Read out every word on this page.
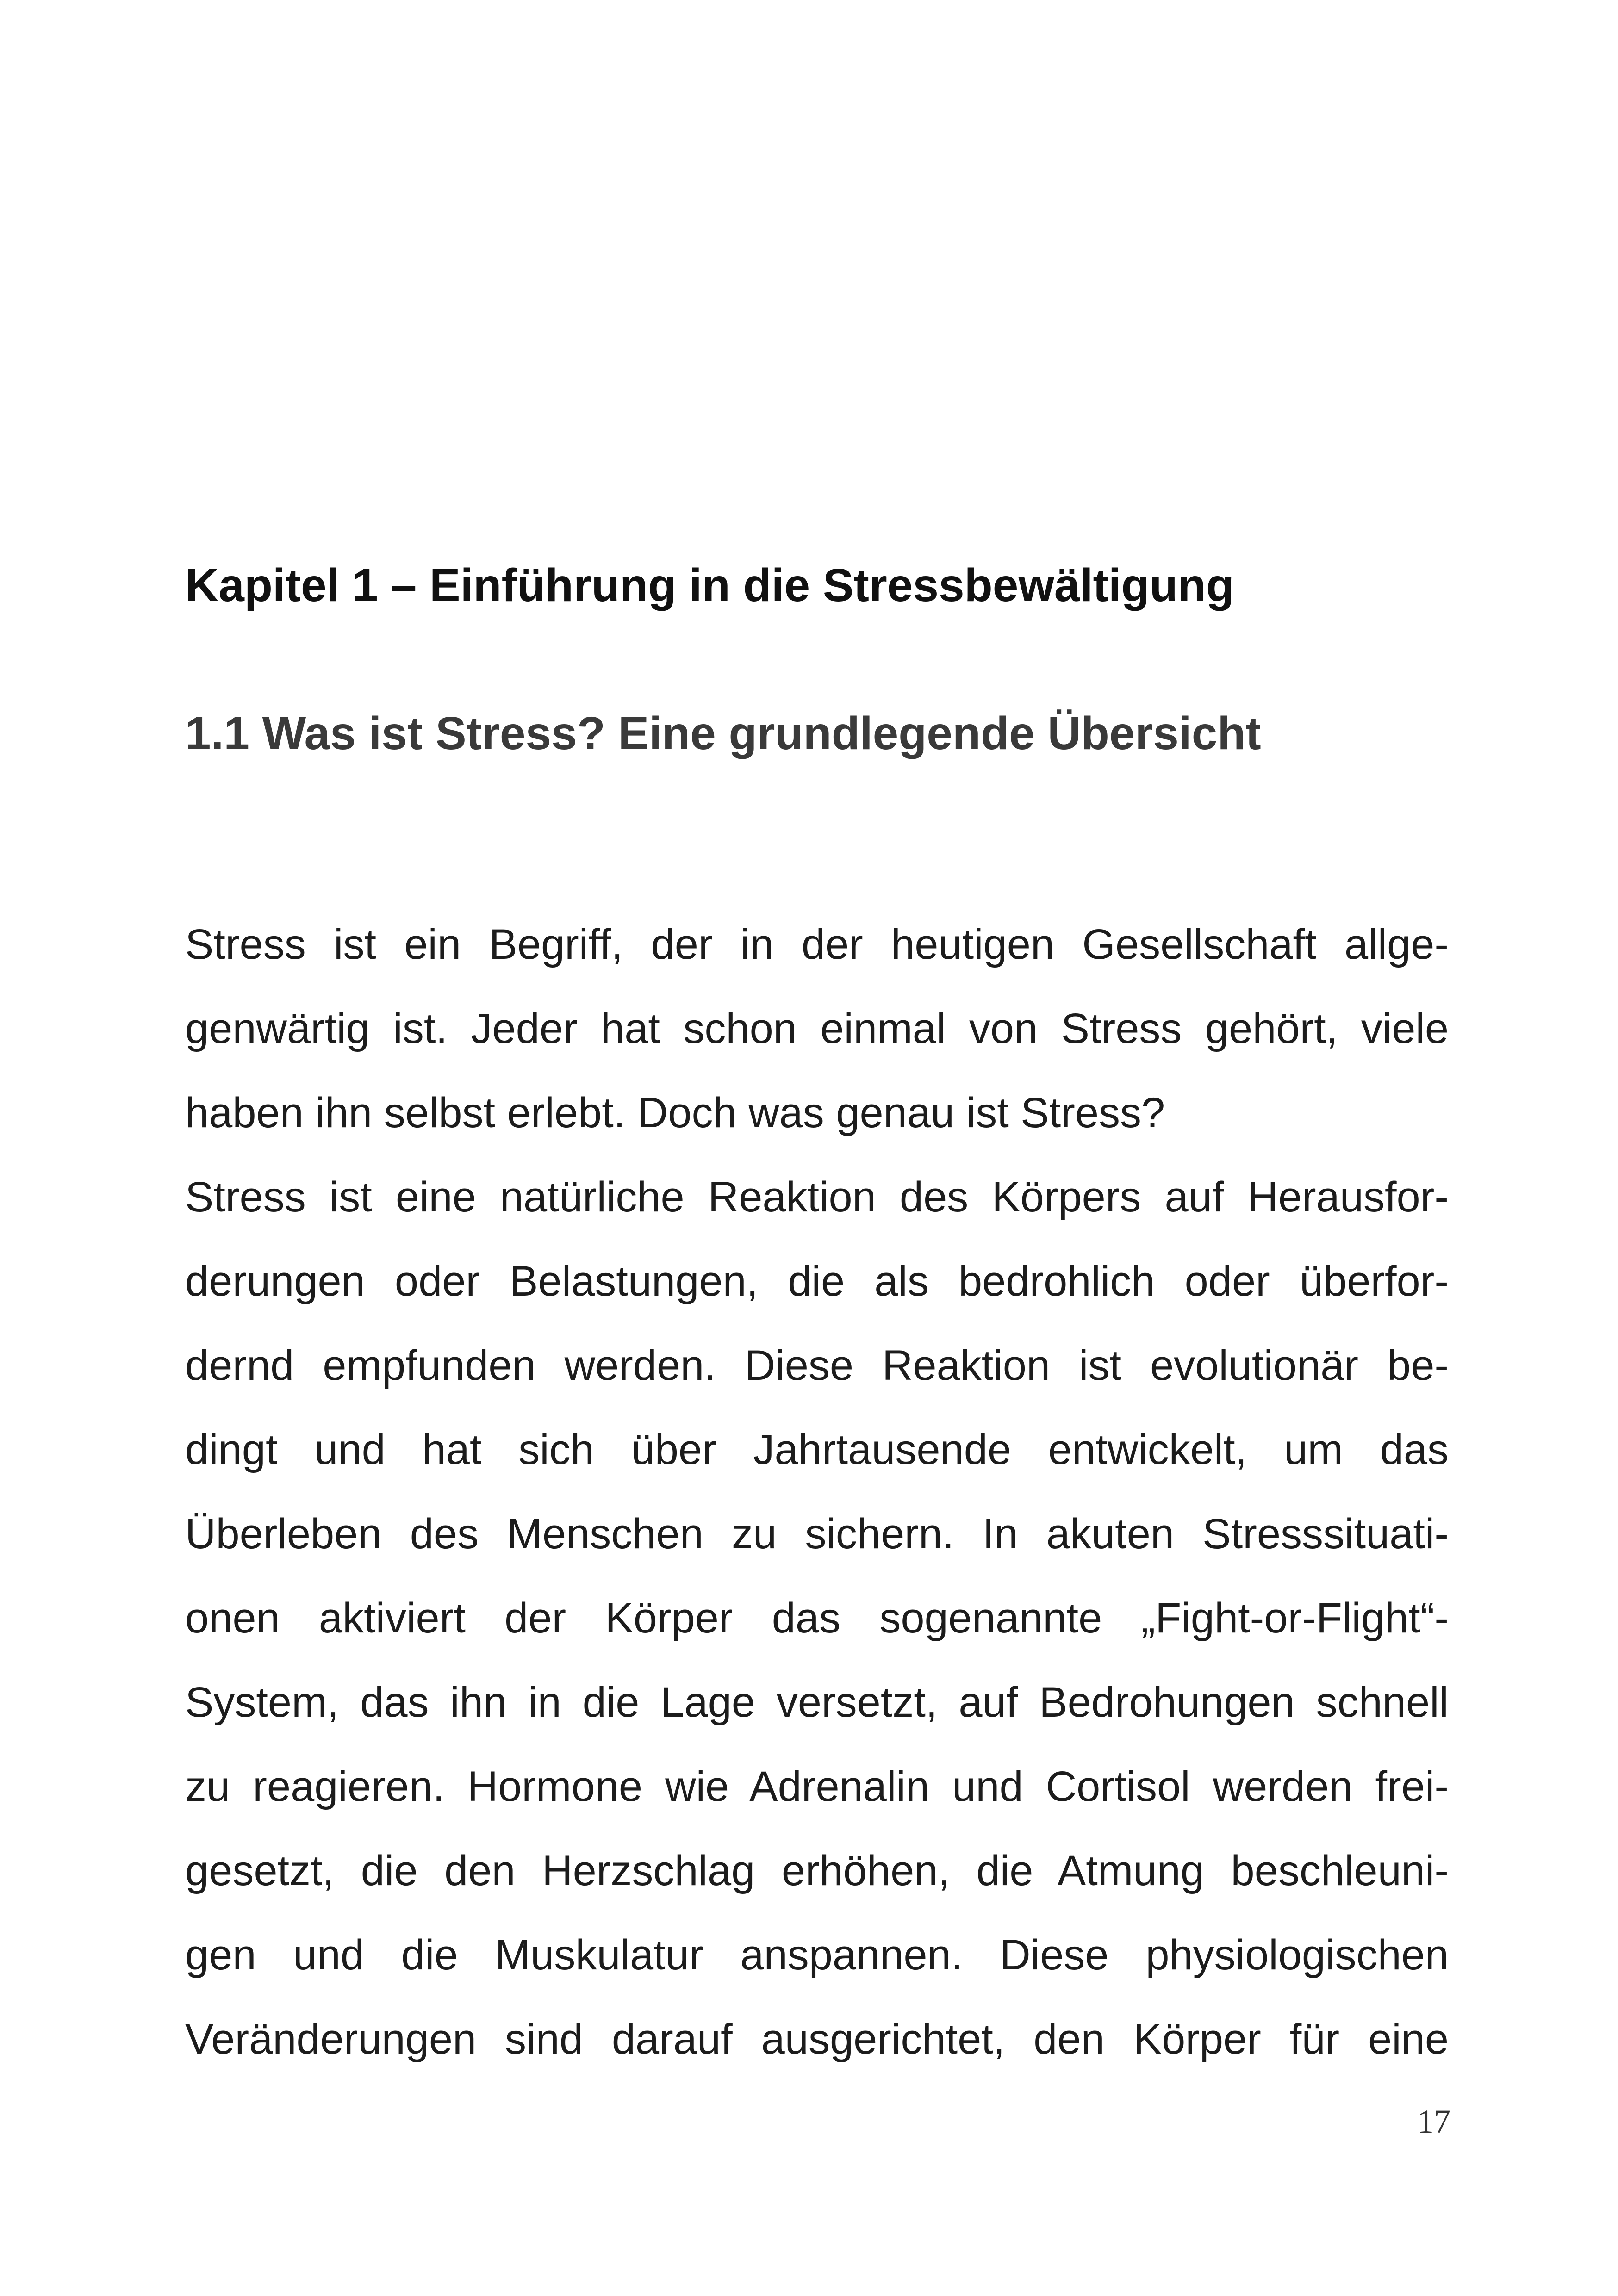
Kapitel 1 – Einführung in die Stressbewältigung
1.1 Was ist Stress? Eine grundlegende Übersicht
Stress ist ein Begriff, der in der heutigen Gesellschaft allge-
genwärtig ist. Jeder hat schon einmal von Stress gehört, viele
haben ihn selbst erlebt. Doch was genau ist Stress?
Stress ist eine natürliche Reaktion des Körpers auf Herausfor-
derungen oder Belastungen, die als bedrohlich oder überfor-
dernd empfunden werden. Diese Reaktion ist evolutionär be-
dingt und hat sich über Jahrtausende entwickelt, um das
Überleben des Menschen zu sichern. In akuten Stresssituati-
onen aktiviert der Körper das sogenannte „Fight-or-Flight“-
System, das ihn in die Lage versetzt, auf Bedrohungen schnell
zu reagieren. Hormone wie Adrenalin und Cortisol werden frei-
gesetzt, die den Herzschlag erhöhen, die Atmung beschleuni-
gen und die Muskulatur anspannen. Diese physiologischen
Veränderungen sind darauf ausgerichtet, den Körper für eine
17
